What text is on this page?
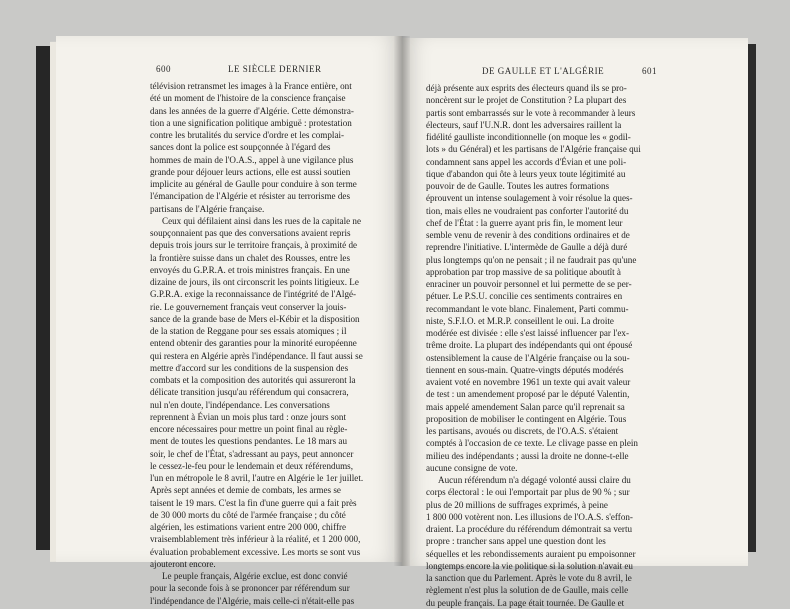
600	LE SIÈCLE DERNIER
télévision retransmet les images à la France entière, ont
été un moment de l'histoire de la conscience française
dans les années de la guerre d'Algérie. Cette démonstra-
tion a une signification politique ambiguë : protestation
contre les brutalités du service d'ordre et les complai-
sances dont la police est soupçonnée à l'égard des
hommes de main de l'O.A.S., appel à une vigilance plus
grande pour déjouer leurs actions, elle est aussi soutien
implicite au général de Gaulle pour conduire à son terme
l'émancipation de l'Algérie et résister au terrorisme des
partisans de l'Algérie française.
Ceux qui défilaient ainsi dans les rues de la capitale ne
soupçonnaient pas que des conversations avaient repris
depuis trois jours sur le territoire français, à proximité de
la frontière suisse dans un chalet des Rousses, entre les
envoyés du G.P.R.A. et trois ministres français. En une
dizaine de jours, ils ont circonscrit les points litigieux. Le
G.P.R.A. exige la reconnaissance de l'intégrité de l'Algé-
rie. Le gouvernement français veut conserver la jouis-
sance de la grande base de Mers el-Kébir et la disposition
de la station de Reggane pour ses essais atomiques ; il
entend obtenir des garanties pour la minorité européenne
qui restera en Algérie après l'indépendance. Il faut aussi se
mettre d'accord sur les conditions de la suspension des
combats et la composition des autorités qui assureront la
délicate transition jusqu'au référendum qui consacrera,
nul n'en doute, l'indépendance. Les conversations
reprennent à Évian un mois plus tard : onze jours sont
encore nécessaires pour mettre un point final au règle-
ment de toutes les questions pendantes. Le 18 mars au
soir, le chef de l'État, s'adressant au pays, peut annoncer
le cessez-le-feu pour le lendemain et deux référendums,
l'un en métropole le 8 avril, l'autre en Algérie le 1er juillet.
Après sept années et demie de combats, les armes se
taisent le 19 mars. C'est la fin d'une guerre qui a fait près
de 30 000 morts du côté de l'armée française ; du côté
algérien, les estimations varient entre 200 000, chiffre
vraisemblablement très inférieur à la réalité, et 1 200 000,
évaluation probablement excessive. Les morts se sont vus
ajouteront encore.
Le peuple français, Algérie exclue, est donc convié
pour la seconde fois à se prononcer par référendum sur
l'indépendance de l'Algérie, mais celle-ci n'était-elle pas
DE GAULLE ET L'ALGÉRIE	601
déjà présente aux esprits des électeurs quand ils se pro-
noncèrent sur le projet de Constitution ? La plupart des
partis sont embarrassés sur le vote à recommander à leurs
électeurs, sauf l'U.N.R. dont les adversaires raillent la
fidélité gaulliste inconditionnelle (on moque les « godil-
lots » du Général) et les partisans de l'Algérie française qui
condamnent sans appel les accords d'Évian et une poli-
tique d'abandon qui ôte à leurs yeux toute légitimité au
pouvoir de de Gaulle. Toutes les autres formations
éprouvent un intense soulagement à voir résolue la ques-
tion, mais elles ne voudraient pas conforter l'autorité du
chef de l'État : la guerre ayant pris fin, le moment leur
semble venu de revenir à des conditions ordinaires et de
reprendre l'initiative. L'intermède de Gaulle a déjà duré
plus longtemps qu'on ne pensait ; il ne faudrait pas qu'une
approbation par trop massive de sa politique aboutît à
enraciner un pouvoir personnel et lui permette de se per-
pétuer. Le P.S.U. concilie ces sentiments contraires en
recommandant le vote blanc. Finalement, Parti commu-
niste, S.F.I.O. et M.R.P. conseillent le oui. La droite
modérée est divisée : elle s'est laissé influencer par l'ex-
trême droite. La plupart des indépendants qui ont épousé
ostensiblement la cause de l'Algérie française ou la sou-
tiennent en sous-main. Quatre-vingts députés modérés
avaient voté en novembre 1961 un texte qui avait valeur
de test : un amendement proposé par le député Valentin,
mais appelé amendement Salan parce qu'il reprenait sa
proposition de mobiliser le contingent en Algérie. Tous
les partisans, avoués ou discrets, de l'O.A.S. s'étaient
comptés à l'occasion de ce texte. Le clivage passe en plein
milieu des indépendants ; aussi la droite ne donne-t-elle
aucune consigne de vote.
Aucun référendum n'a dégagé volonté aussi claire du
corps électoral : le oui l'emportait par plus de 90 % ; sur
plus de 20 millions de suffrages exprimés, à peine
1 800 000 votèrent non. Les illusions de l'O.A.S. s'effon-
draient. La procédure du référendum démontrait sa vertu
propre : trancher sans appel une question dont les
séquelles et les rebondissements auraient pu empoisonner
longtemps encore la vie politique si la solution n'avait eu
la sanction que du Parlement. Après le vote du 8 avril, le
règlement n'est plus la solution de de Gaulle, mais celle
du peuple français. La page était tournée. De Gaulle et
